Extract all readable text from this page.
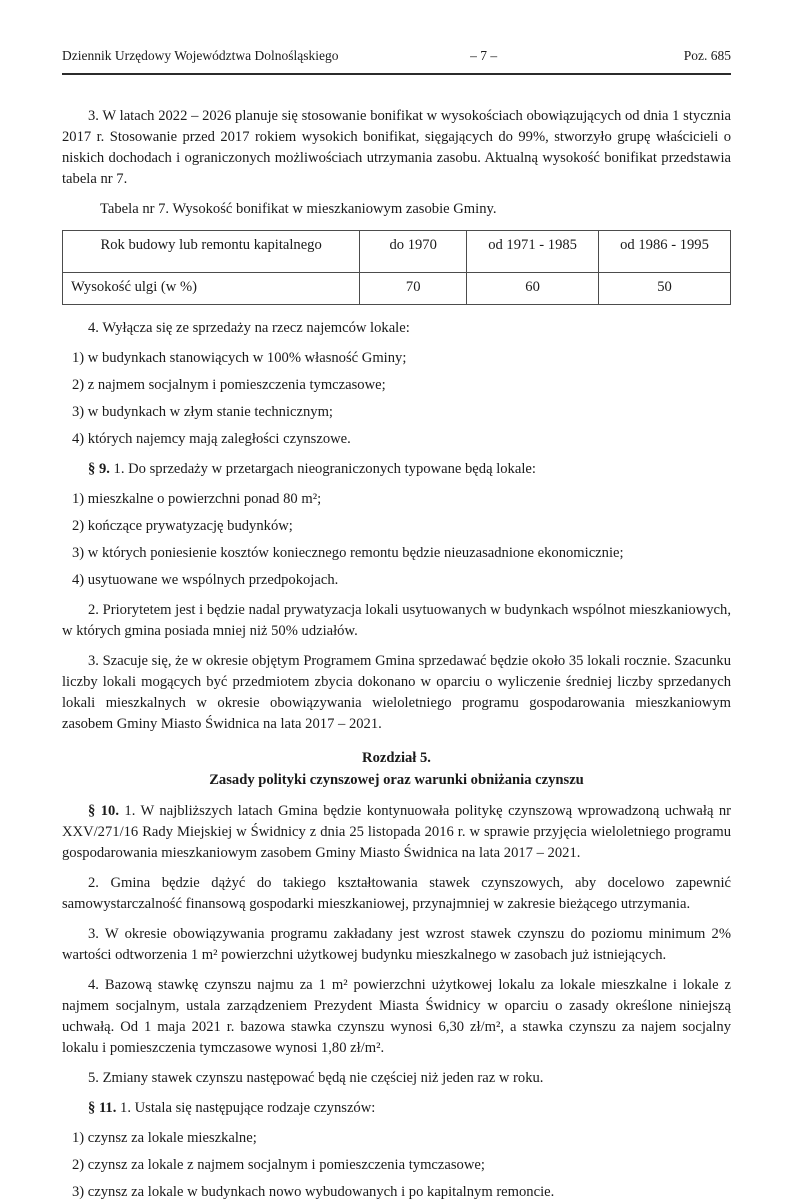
Dziennik Urzędowy Województwa Dolnośląskiego	– 7 –	Poz. 685

3. W latach 2022 – 2026 planuje się stosowanie bonifikat w wysokościach obowiązujących od dnia 1 stycznia 2017 r. Stosowanie przed 2017 rokiem wysokich bonifikat, sięgających do 99%, stworzyło grupę właścicieli o niskich dochodach i ograniczonych możliwościach utrzymania zasobu. Aktualną wysokość bonifikat przedstawia tabela nr 7.

Tabela nr 7. Wysokość bonifikat w mieszkaniowym zasobie Gminy.

Rok budowy lub remontu kapitalnego	do 1970	od 1971 - 1985	od 1986 - 1995
Wysokość ulgi (w %)	70	60	50

4. Wyłącza się ze sprzedaży na rzecz najemców lokale:

1) w budynkach stanowiących w 100% własność Gminy;

2) z najmem socjalnym i pomieszczenia tymczasowe;

3) w budynkach w złym stanie technicznym;

4) których najemcy mają zaległości czynszowe.

§ 9. 1. Do sprzedaży w przetargach nieograniczonych typowane będą lokale:

1) mieszkalne o powierzchni ponad 80 m²;

2) kończące prywatyzację budynków;

3) w których poniesienie kosztów koniecznego remontu będzie nieuzasadnione ekonomicznie;

4) usytuowane we wspólnych przedpokojach.

2. Priorytetem jest i będzie nadal prywatyzacja lokali usytuowanych w budynkach wspólnot mieszkaniowych, w których gmina posiada mniej niż 50% udziałów.

3. Szacuje się, że w okresie objętym Programem Gmina sprzedawać będzie około 35 lokali rocznie. Szacunku liczby lokali mogących być przedmiotem zbycia dokonano w oparciu o wyliczenie średniej liczby sprzedanych lokali mieszkalnych w okresie obowiązywania wieloletniego programu gospodarowania mieszkaniowym zasobem Gminy Miasto Świdnica na lata 2017 – 2021.

Rozdział 5.
Zasady polityki czynszowej oraz warunki obniżania czynszu

§ 10. 1. W najbliższych latach Gmina będzie kontynuowała politykę czynszową wprowadzoną uchwałą nr XXV/271/16 Rady Miejskiej w Świdnicy z dnia 25 listopada 2016 r. w sprawie przyjęcia wieloletniego programu gospodarowania mieszkaniowym zasobem Gminy Miasto Świdnica na lata 2017 – 2021.

2. Gmina będzie dążyć do takiego kształtowania stawek czynszowych, aby docelowo zapewnić samowystarczalność finansową gospodarki mieszkaniowej, przynajmniej w zakresie bieżącego utrzymania.

3. W okresie obowiązywania programu zakładany jest wzrost stawek czynszu do poziomu minimum 2% wartości odtworzenia 1 m² powierzchni użytkowej budynku mieszkalnego w zasobach już istniejących.

4. Bazową stawkę czynszu najmu za 1 m² powierzchni użytkowej lokalu za lokale mieszkalne i lokale z najmem socjalnym, ustala zarządzeniem Prezydent Miasta Świdnicy w oparciu o zasady określone niniejszą uchwałą. Od 1 maja 2021 r. bazowa stawka czynszu wynosi 6,30 zł/m², a stawka czynszu za najem socjalny lokalu i pomieszczenia tymczasowe wynosi 1,80 zł/m².

5. Zmiany stawek czynszu następować będą nie częściej niż jeden raz w roku.

§ 11. 1. Ustala się następujące rodzaje czynszów:

1) czynsz za lokale mieszkalne;

2) czynsz za lokale z najmem socjalnym i pomieszczenia tymczasowe;

3) czynsz za lokale w budynkach nowo wybudowanych i po kapitalnym remoncie.
